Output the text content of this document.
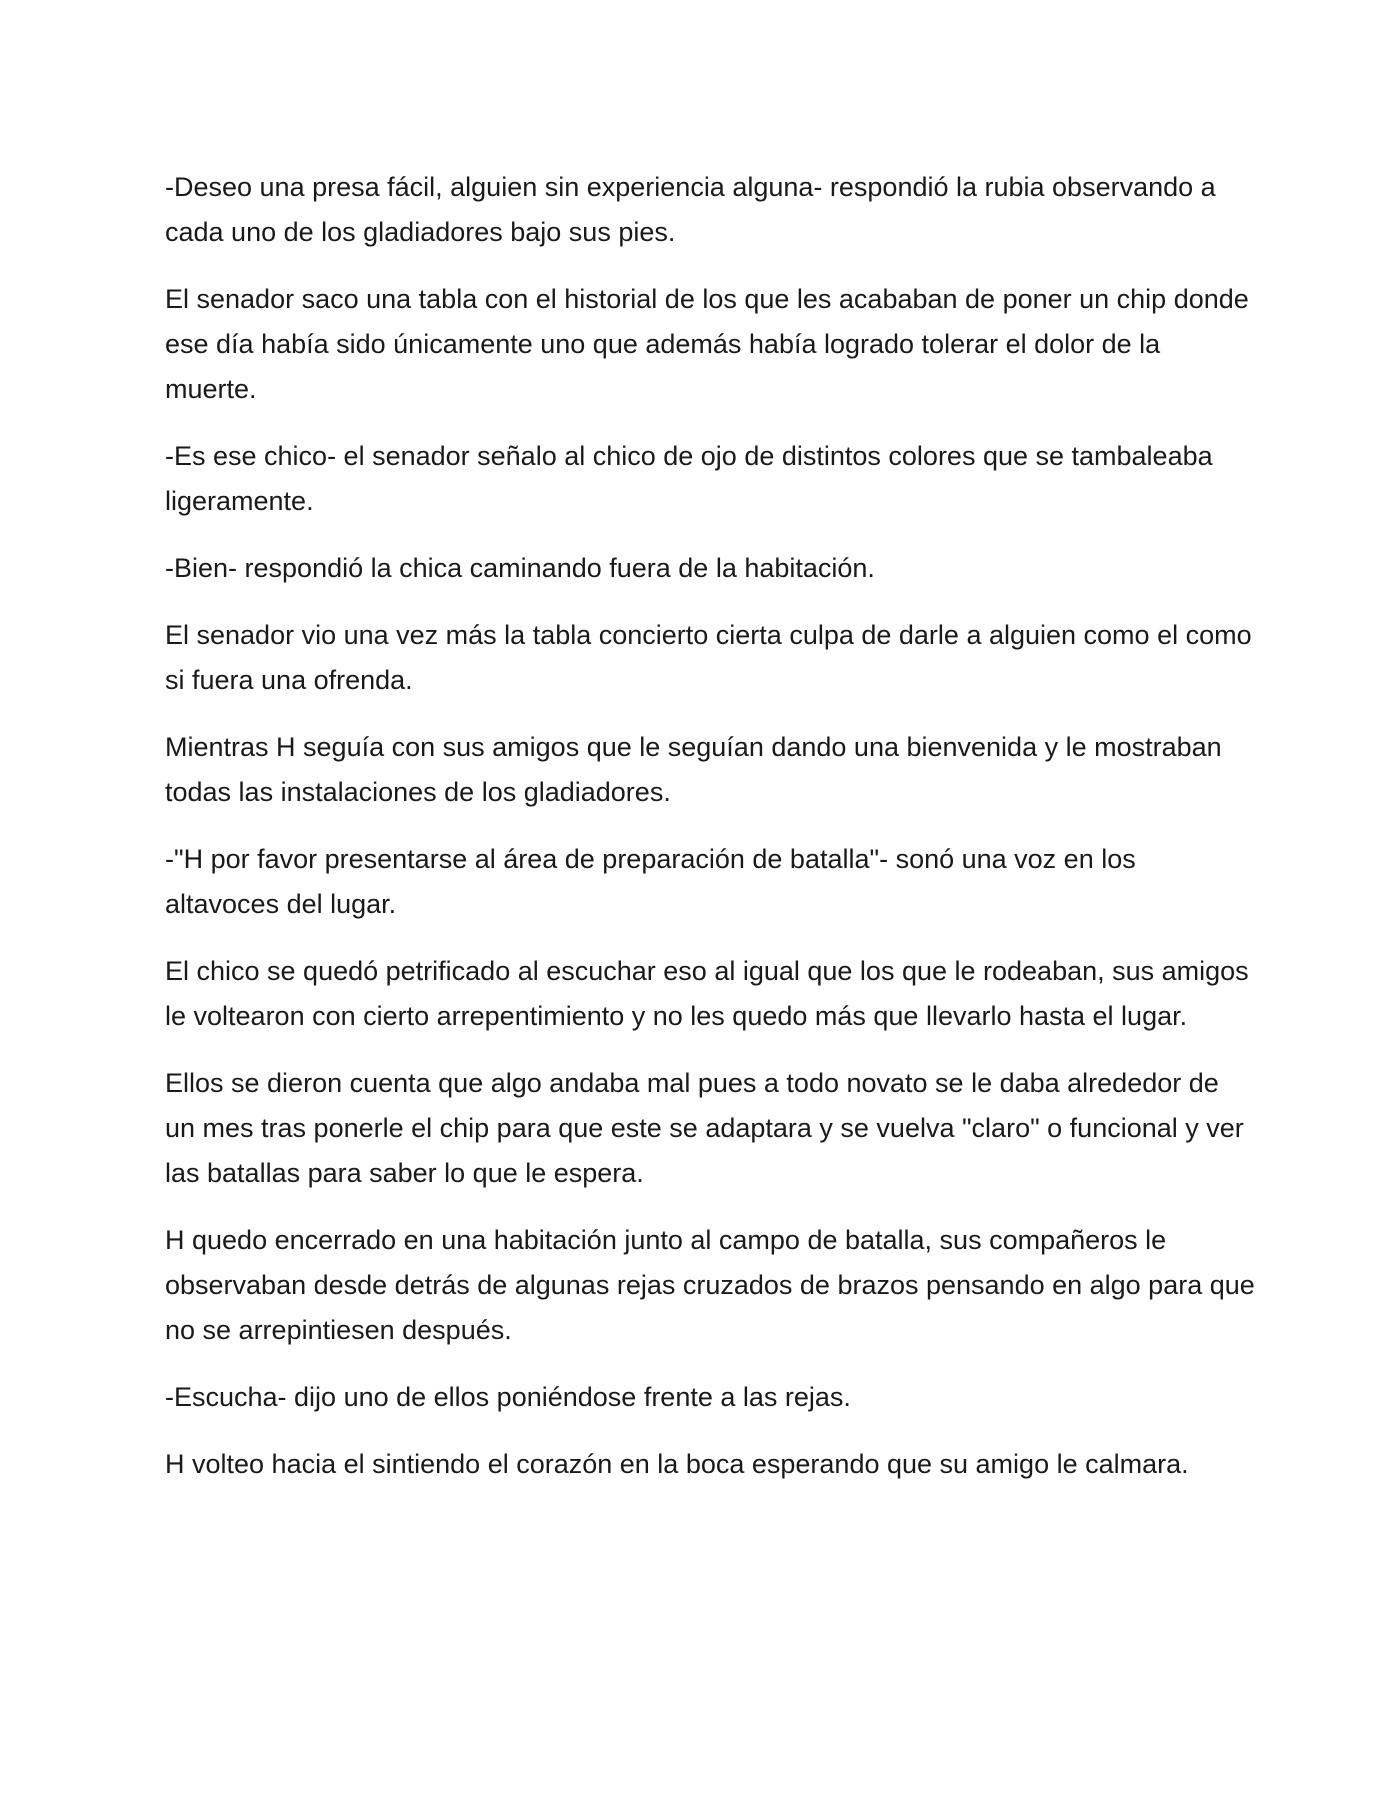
-Deseo una presa fácil, alguien sin experiencia alguna- respondió la rubia observando a cada uno de los gladiadores bajo sus pies.

El senador saco una tabla con el historial de los que les acababan de poner un chip donde ese día había sido únicamente uno que además había logrado tolerar el dolor de la muerte.

-Es ese chico- el senador señalo al chico de ojo de distintos colores que se tambaleaba ligeramente.

-Bien- respondió la chica caminando fuera de la habitación.

El senador vio una vez más la tabla concierto cierta culpa de darle a alguien como el como si fuera una ofrenda.

Mientras H seguía con sus amigos que le seguían dando una bienvenida y le mostraban todas las instalaciones de los gladiadores.

-"H por favor presentarse al área de preparación de batalla"- sonó una voz en los altavoces del lugar.

El chico se quedó petrificado al escuchar eso al igual que los que le rodeaban, sus amigos le voltearon con cierto arrepentimiento y no les quedo más que llevarlo hasta el lugar.

Ellos se dieron cuenta que algo andaba mal pues a todo novato se le daba alrededor de un mes tras ponerle el chip para que este se adaptara y se vuelva "claro" o funcional y ver las batallas para saber lo que le espera.

H quedo encerrado en una habitación junto al campo de batalla, sus compañeros le observaban desde detrás de algunas rejas cruzados de brazos pensando en algo para que no se arrepintiesen después.

-Escucha- dijo uno de ellos poniéndose frente a las rejas.

H volteo hacia el sintiendo el corazón en la boca esperando que su amigo le calmara.
